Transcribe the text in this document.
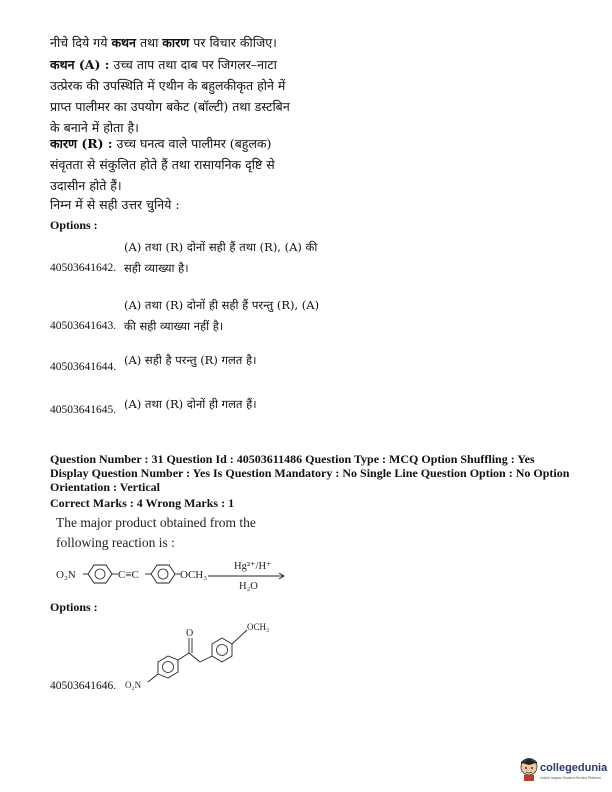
नीचे दिये गये कथन तथा कारण पर विचार कीजिए।
कथन (A) : उच्च ताप तथा दाब पर जिगलर–नाटा
उत्प्रेरक की उपस्थिति में एथीन के बहुलकीकृत होने में
प्राप्त पालीमर का उपयोग बकेट (बॉल्टी) तथा डस्टबिन
के बनाने में होता है।
कारण (R) : उच्च घनत्व वाले पालीमर (बहुलक)
संवृतता से संकुलित होते हैं तथा रासायनिक दृष्टि से
उदासीन होते हैं।
निम्न में से सही उत्तर चुनिये :
Options :
(A) तथा (R) दोनों सही हैं तथा (R), (A) की
सही व्याख्या है।
40503641642.
(A) तथा (R) दोनों ही सही हैं परन्तु (R), (A)
की सही व्याख्या नहीं है।
40503641643.
(A) सही है परन्तु (R) गलत है।
40503641644.
(A) तथा (R) दोनों ही गलत हैं।
40503641645.
Question Number : 31 Question Id : 40503611486 Question Type : MCQ Option Shuffling : Yes
Display Question Number : Yes Is Question Mandatory : No Single Line Question Option : No Option
Orientation : Vertical
Correct Marks : 4 Wrong Marks : 1
The major product obtained from the
following reaction is :
O₂N	C≡C	OCH₃
Hg²⁺/H⁺
H₂O
Options :
OCH₃
O
O₂N
40503641646.
collegedunia
India's largest Student Review Platform
